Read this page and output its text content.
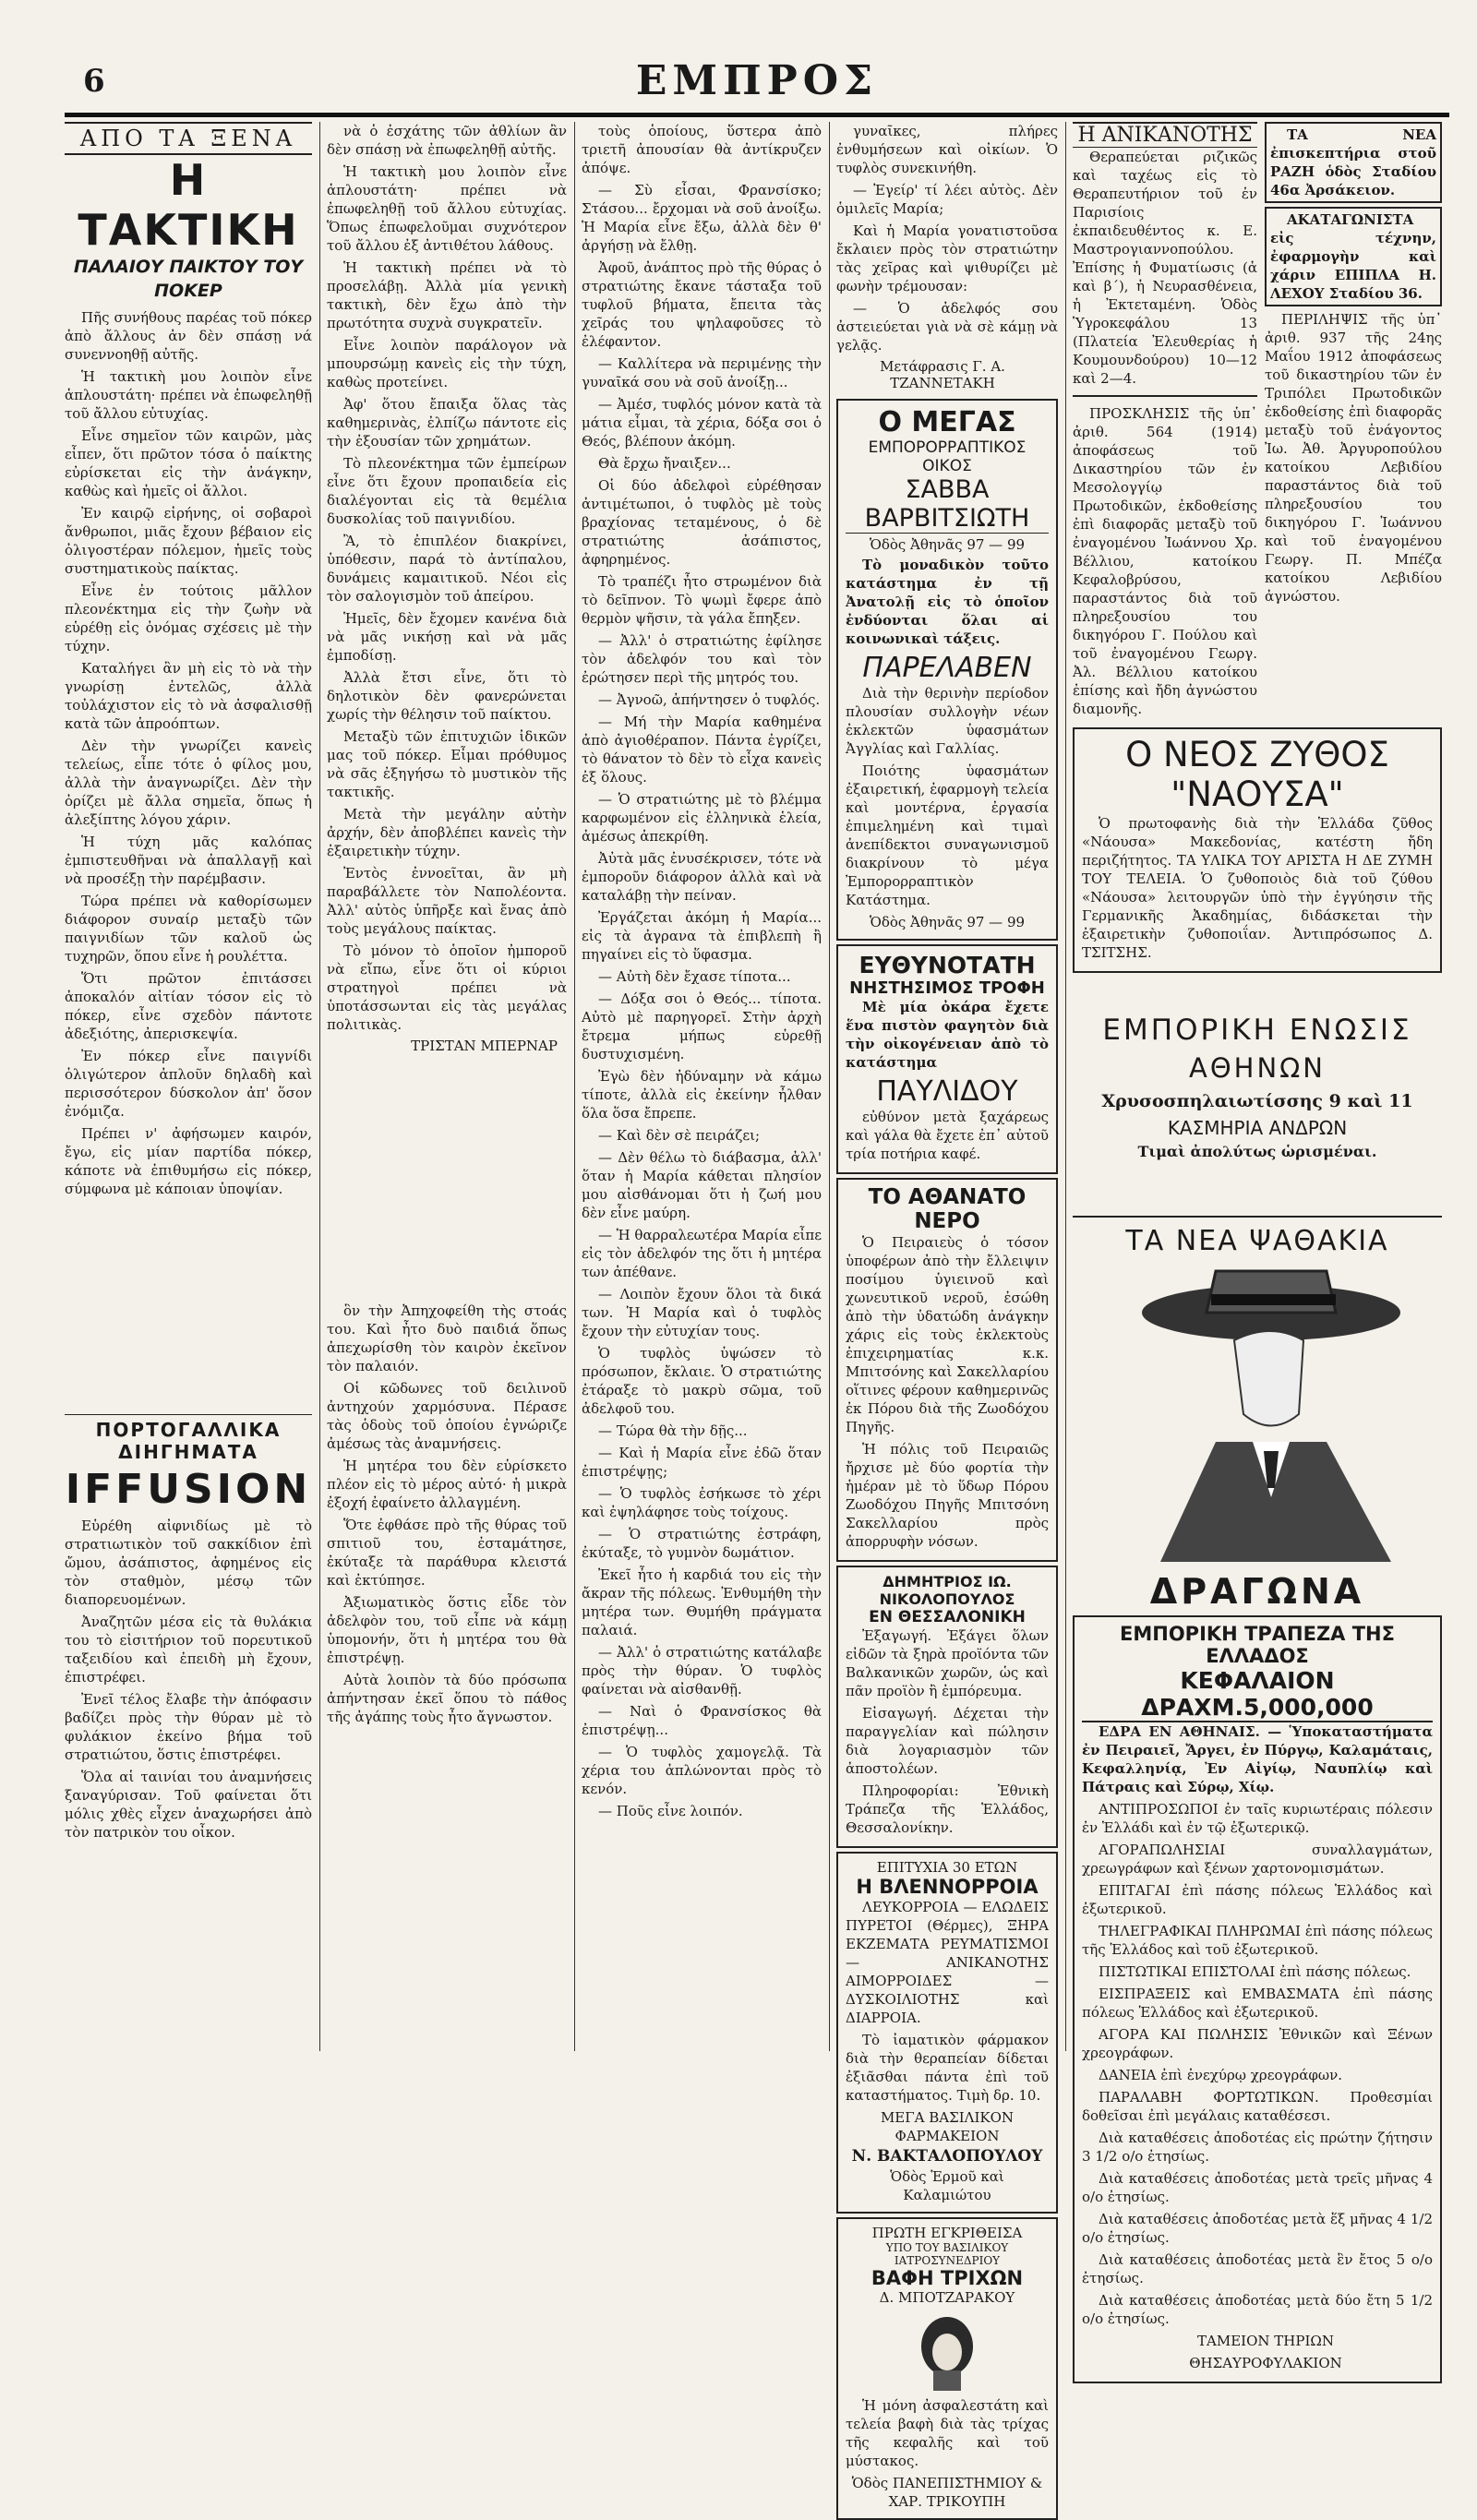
6	ΕΜΠΡΟΣ
ΑΠΟ ΤΑ ΞΕΝΑ
Η ΤΑΚΤΙΚΗ
ΠΑΛΑΙΟΥ ΠΑΙΚΤΟΥ ΤΟΥ ΠΟΚΕΡ

Πῆς συνήθους παρέας τοῦ πόκερ ἀπὸ ἄλλους ἀν δὲν σπάσῃ νά συνεννοηθῇ αὐτῆς.

Ἡ τακτικὴ μου λοιπὸν εἶνε ἁπλουστάτη· πρέπει νὰ ἐπωφεληθῇ τοῦ ἄλλου εὐτυχίας.

Εἶνε σημεῖον τῶν καιρῶν, μὰς εἶπεν, ὅτι πρῶτον τόσα ὁ παίκτης εὐρίσκεται εἰς τὴν ἀνάγκην, καθὼς καὶ ἡμεῖς οἱ ἄλλοι.

Ἐν καιρῷ εἰρήνης, οἱ σοβαροὶ ἄνθρωποι, μιᾶς ἔχουν βέβαιον εἰς ὀλιγοστέραν πόλεμον, ἡμεῖς τοὺς συστηματικοὺς παίκτας.

Εἶνε ἐν τούτοις μᾶλλον πλεονέκτημα εἰς τὴν ζωὴν νὰ εὑρέθῃ εἰς ὀνόμας σχέσεις μὲ τὴν τύχην.

Καταλήγει ἂν μὴ εἰς τὸ νὰ τὴν γνωρίσῃ ἐντελῶς, ἀλλὰ τοὐλάχιστον εἰς τὸ νὰ ἀσφαλισθῇ κατὰ τῶν ἀπροόπτων.

Δὲν τὴν γνωρίζει κανεὶς τελείως, εἶπε τότε ὁ φίλος μου, ἀλλὰ τὴν ἀναγνωρίζει. Δὲν τὴν ὀρίζει μὲ ἄλλα σημεῖα, ὅπως ἡ ἀλεξίπτης λόγου χάριν.

Ἡ τύχη μᾶς καλόπας ἐμπιστευθῆναι νὰ ἀπαλλαγῇ καὶ νὰ προσέξῃ τὴν παρέμβασιν.

Τώρα πρέπει νὰ καθορίσωμεν διάφορον συναίρ μεταξὺ τῶν παιγνιδίων τῶν καλοῦ ὡς τυχηρῶν, ὅπου εἶνε ἡ ρουλέττα.

Ὅτι πρῶτον ἐπιτάσσει ἀποκαλόν αἰτίαν τόσον εἰς τὸ πόκερ, εἶνε σχεδὸν πάντοτε ἀδεξιότης, ἀπερισκεψία.

Ἐν πόκερ εἶνε παιγνίδι ὀλιγώτερον ἀπλοῦν δηλαδὴ καὶ περισσότερον δύσκολον ἀπ' ὅσον ἐνόμιζα.

Πρέπει ν' ἀφήσωμεν καιρόν, ἔγω, εἰς μίαν παρτίδα πόκερ, κάποτε νὰ ἐπιθυμήσω εἰς πόκερ, σύμφωνα μὲ κάποιαν ὑποψίαν.

ΠΟΡΤΟΓΑΛΛΙΚΑ ΔΙΗΓΗΜΑΤΑ
IFFUSION

Εὑρέθη αἰφνιδίως μὲ τὸ στρατιωτικὸν τοῦ σακκίδιον ἐπὶ ὤμου, ἀσάπιστος, ἀφημένος εἰς τὸν σταθμὸν, μέσῳ τῶν διαπορευομένων.

Ἀναζητῶν μέσα εἰς τὰ θυλάκια του τὸ εἰσιτήριον τοῦ πορευτικοῦ ταξειδίου καὶ ἐπειδὴ μὴ ἔχουν, ἐπιστρέφει.

Ἐνεῖ τέλος ἔλαβε τὴν ἀπόφασιν βαδίζει πρὸς τὴν θύραν μὲ τὸ φυλάκιον ἐκείνο βήμα τοῦ στρατιώτου, ὅστις ἐπιστρέφει.

Ὅλα αἱ ταινίαι του ἀναμνήσεις ξαναγύρισαν. Τοῦ φαίνεται ὅτι μόλις χθὲς εἶχεν ἀναχωρήσει ἀπὸ τὸν πατρικὸν του οἶκον.

νὰ ὁ ἐσχάτης τῶν ἀθλίων ἂν δὲν σπάσῃ νὰ ἐπωφεληθῇ αὐτῆς.

Ἡ τακτικὴ μου λοιπὸν εἶνε ἁπλουστάτη· πρέπει νὰ ἐπωφεληθῇ τοῦ ἄλλου εὐτυχίας. Ὅπως ἐπωφελοῦμαι συχνότερον τοῦ ἄλλου ἐξ ἀντιθέτου λάθους.

Ἡ τακτικὴ πρέπει νὰ τὸ προσελάβῃ. Ἀλλὰ μία γενικὴ τακτικὴ, δὲν ἔχω ἀπὸ τὴν πρωτότητα συχνὰ συγκρατεῖν.

Εἶνε λοιπὸν παράλογον νὰ μπουρσώμῃ κανεὶς εἰς τὴν τύχη, καθὼς προτείνει.

Ἀφ' ὅτου ἔπαιξα ὅλας τὰς καθημερινὰς, ἐλπίζω πάντοτε εἰς τὴν ἐξουσίαν τῶν χρημάτων.

Τὸ πλεονέκτημα τῶν ἐμπείρων εἶνε ὅτι ἔχουν προπαιδεία εἰς διαλέγονται εἰς τὰ θεμέλια δυσκολίας τοῦ παιγνιδίου.

Ἂ, τὸ ἐπιπλέον διακρίνει, ὑπόθεσιν, παρά τὸ ἀντίπαλου, δυνάμεις καμαιτικοῦ. Νέοι εἰς τὸν σαλογισμὸν τοῦ ἀπείρου.

Ἡμεῖς, δὲν ἔχομεν κανένα διὰ νὰ μᾶς νικήσῃ καὶ νὰ μᾶς ἐμποδίσῃ.

Ἀλλὰ ἔτσι εἶνε, ὅτι τὸ δηλοτικὸν δὲν φανερώνεται χωρίς τὴν θέλησιν τοῦ παίκτου.

Μεταξὺ τῶν ἐπιτυχιῶν ἰδικῶν μας τοῦ πόκερ. Εἶμαι πρόθυμος νὰ σᾶς ἐξηγήσω τὸ μυστικὸν τῆς τακτικῆς.

Μετὰ τὴν μεγάλην αὐτὴν ἀρχήν, δὲν ἀποβλέπει κανεὶς τὴν ἐξαιρετικὴν τύχην.

Ἐντὸς ἐννοεῖται, ἂν μὴ παραβάλλετε τὸν Ναπολέοντα. Ἀλλ' αὐτὸς ὑπῆρξε καὶ ἔνας ἀπὸ τοὺς μεγάλους παίκτας.

Τὸ μόνον τὸ ὁποῖον ἠμποροῦ νὰ εἴπω, εἶνε ὅτι οἱ κύριοι στρατηγοὶ πρέπει νὰ ὑποτάσσωνται εἰς τὰς μεγάλας πολιτικὰς.

ΤΡΙΣΤΑΝ ΜΠΕΡΝΑΡ

ὃν τὴν Ἀπηχοφείθη τὴς στοάς του. Καὶ ἦτο δυὸ παιδιά ὅπως ἀπεχωρίσθη τὸν καιρὸν ἐκεῖνον τὸν παλαιόν.

Οἱ κῶδωνες τοῦ δειλινοῦ ἀντηχούν χαρμόσυνα. Πέρασε τὰς ὁδοὺς τοῦ ὁποίου ἐγνώριζε ἀμέσως τὰς ἀναμνήσεις.

Ἡ μητέρα του δὲν εὑρίσκετο πλέον εἰς τὸ μέρος αὐτό· ἡ μικρὰ ἐξοχή ἐφαίνετο ἀλλαγμένη.

Ὅτε ἐφθάσε πρὸ τῆς θύρας τοῦ σπιτιοῦ του, ἐσταμάτησε, ἐκύταξε τὰ παράθυρα κλειστά καὶ ἐκτύπησε.

Ἀξιωματικὸς ὅστις εἶδε τὸν ἀδελφὸν του, τοῦ εἶπε νὰ κάμῃ ὑπομονήν, ὅτι ἡ μητέρα του θὰ ἐπιστρέψῃ.

Αὐτὰ λοιπὸν τὰ δύο πρόσωπα ἀπήντησαν ἐκεῖ ὅπου τὸ πάθος τῆς ἀγάπης τοὺς ἦτο ἄγνωστον.

τοὺς ὁποίους, ὕστερα ἀπὸ τριετῆ ἀπουσίαν θὰ ἀντίκρυζεν ἀπόψε.

— Σὺ εἶσαι, Φρανσίσκο; Στάσου... ἔρχομαι νὰ σοῦ ἀνοίξω. Ἡ Μαρία εἶνε ἔξω, ἀλλὰ δὲν θ' ἀργήσῃ νὰ ἔλθῃ.

Ἀφοῦ, ἀνάπτος πρὸ τῆς θύρας ὁ στρατιώτης ἔκανε τάσταξα τοῦ τυφλοῦ βήματα, ἔπειτα τὰς χεῖράς του ψηλαφοῦσες τὸ ἐλέφαντον.

— Καλλίτερα νὰ περιμένῃς τὴν γυναῖκά σου νὰ σοῦ ἀνοίξῃ...

— Ἀμέσ, τυφλός μόνον κατὰ τὰ μάτια εἶμαι, τὰ χέρια, δόξα σοι ὁ Θεός, βλέπουν ἀκόμη.

Θὰ ἔρχω ἤναιξεν...

Οἱ δύο ἀδελφοὶ εὑρέθησαν ἀντιμέτωποι, ὁ τυφλὸς μὲ τοὺς βραχίονας τεταμένους, ὁ δὲ στρατιώτης ἀσάπιστος, ἀφηρημένος.

Τὸ τραπέζι ἦτο στρωμένον διὰ τὸ δεῖπνον. Τὸ ψωμὶ ἔφερε ἀπὸ θερμὸν ψῆσιν, τὰ γάλα ἔπηξεν.

— Ἀλλ' ὁ στρατιώτης ἐφίλησε τὸν ἀδελφόν του καὶ τὸν ἐρώτησεν περὶ τῆς μητρός του.

— Ἀγνοῶ, ἀπήντησεν ὁ τυφλός.

— Μή τὴν Μαρία καθημένα ἀπὸ ἀγιοθέραπον. Πάντα ἐγρίζει, τὸ θάνατον τὸ δὲν τὸ εἶχα κανεὶς ἐξ ὅλους.

— Ὁ στρατιώτης μὲ τὸ βλέμμα καρφωμένον εἰς ἑλληνικὰ ἑλεία, ἀμέσως ἀπεκρίθη.

Ἀὐτὰ μᾶς ἐνυσέκρισεν, τότε νὰ ἐμποροῦν διάφορον ἀλλὰ καὶ νὰ καταλάβῃ τὴν πείναν.

Ἐργάζεται ἀκόμη ἡ Μαρία... εἰς τὰ ἀγρανα τὰ ἐπιβλεπὴ ἢ πηγαίνει εἰς τὸ ὕφασμα.

— Αὐτὴ δὲν ἔχασε τίποτα...

— Δόξα σοι ὁ Θεός... τίποτα. Αὐτὸ μὲ παρηγορεῖ. Στὴν ἀρχὴ ἔτρεμα μήπως εὑρεθῇ δυστυχισμένη.

Ἐγὼ δὲν ἠδύναμην νὰ κάμω τίποτε, ἀλλὰ εἰς ἐκείνην ἦλθαν ὅλα ὅσα ἔπρεπε.

— Καὶ δὲν σὲ πειράζει;

— Δὲν θέλω τὸ διάβασμα, ἀλλ' ὅταν ἡ Μαρία κάθεται πλησίον μου αἰσθάνομαι ὅτι ἡ ζωή μου δὲν εἶνε μαύρη.

— Ἡ θαρραλεωτέρα Μαρία εἶπε εἰς τὸν ἀδελφόν της ὅτι ἡ μητέρα των ἀπέθανε.

— Λοιπὸν ἔχουν ὅλοι τὰ δικά των. Ἡ Μαρία καὶ ὁ τυφλὸς ἔχουν τὴν εὐτυχίαν τους.

Ὁ τυφλὸς ὑψώσεν τὸ πρόσωπον, ἔκλαιε. Ὁ στρατιώτης ἐτάραξε τὸ μακρὺ σῶμα, τοῦ ἀδελφοῦ του.

— Τώρα θὰ τὴν δῇς...

— Καὶ ἡ Μαρία εἶνε ἐδῶ ὅταν ἐπιστρέψῃς;

— Ὁ τυφλὸς ἐσήκωσε τὸ χέρι καὶ ἐψηλάφησε τοὺς τοίχους.

— Ὁ στρατιώτης ἐστράφη, ἐκύταξε, τὸ γυμνὸν δωμάτιον.

Ἐκεῖ ἦτο ἡ καρδιά του εἰς τὴν ἄκραν τῆς πόλεως. Ἐνθυμήθη τὴν μητέρα των. Θυμήθη πράγματα παλαιά.

— Ἀλλ' ὁ στρατιώτης κατάλαβε πρὸς τὴν θύραν. Ὁ τυφλὸς φαίνεται νὰ αἰσθανθῇ.

— Ναὶ ὁ Φρανσίσκος θὰ ἐπιστρέψῃ...

— Ὁ τυφλὸς χαμογελᾷ. Τὰ χέρια του ἀπλώνονται πρὸς τὸ κενόν.

— Ποῦς εἶνε λοιπόν.

γυναῖκες, πλήρες ἐνθυμήσεων καὶ οἰκίων. Ὁ τυφλὸς συνεκινήθη.

— Ἐγείρ' τί λέει αὐτὸς. Δὲν ὁμιλεῖς Μαρία;

Καὶ ἡ Μαρία γονατιστοῦσα ἔκλαιεν πρὸς τὸν στρατιώτην τὰς χεῖρας καὶ ψιθυρίζει μὲ φωνὴν τρέμουσαν:

— Ὁ ἀδελφός σου ἀστειεύεται γιὰ νὰ σὲ κάμῃ νὰ γελᾷς.

Μετάφρασις Γ. Α. ΤΖΑΝΝΕΤΑΚΗ
Ο ΜΕΓΑΣ
ΕΜΠΟΡΟΡΡΑΠΤΙΚΟΣ ΟΙΚΟΣ
ΣΑΒΒΑ ΒΑΡΒΙΤΣΙΩΤΗ
Ὁδὸς Ἀθηνᾶς 97 — 99

Τὸ μοναδικὸν τοῦτο κατάστημα ἐν τῇ Ἀνατολῇ εἰς τὸ ὁποῖον ἐνδύονται ὅλαι αἱ κοινωνικαὶ τάξεις.

ΠΑΡΕΛΑΒΕΝ

Διὰ τὴν θερινὴν περίοδον πλουσίαν συλλογὴν νέων ἐκλεκτῶν ὑφασμάτων Ἀγγλίας καὶ Γαλλίας.

Ποιότης ὑφασμάτων ἐξαιρετική, ἐφαρμογὴ τελεία καὶ μοντέρνα, ἐργασία ἐπιμελημένη καὶ τιμαὶ ἀνεπίδεκτοι συναγωνισμοῦ διακρίνουν τὸ μέγα Ἐμπορορραπτικὸν Κατάστημα.

Ὁδὸς Ἀθηνᾶς 97 — 99
ΕΥΘΥΝΟΤΑΤΗ
ΝΗΣΤΗΣΙΜΟΣ ΤΡΟΦΗ

Μὲ μία ὀκάρα ἔχετε ἕνα πιστὸν φαγητὸν διὰ τὴν οἰκογένειαν ἀπὸ τὸ κατάστημα

ΠΑΥΛΙΔΟΥ

εὐθύνον μετὰ ξαχάρεως καὶ γάλα θὰ ἔχετε ἐπ᾿ αὐτοῦ τρία ποτήρια καφέ.

ΤΟ ΑΘΑΝΑΤΟ ΝΕΡΟ

Ὁ Πειραιεὺς ὁ τόσον ὑποφέρων ἀπὸ τὴν ἔλλειψιν ποσίμου ὑγιεινοῦ καὶ χωνευτικοῦ νεροῦ, ἐσώθη ἀπὸ τὴν ὑδατώδη ἀνάγκην χάρις εἰς τοὺς ἐκλεκτοὺς ἐπιχειρηματίας κ.κ. Μπιτσόνης καὶ Σακελλαρίου οἵτινες φέρουν καθημερινῶς ἐκ Πόρου διὰ τῆς Ζωοδόχου Πηγῆς.

Ἡ πόλις τοῦ Πειραιῶς ἤρχισε μὲ δύο φορτία τὴν ἡμέραν μὲ τὸ ὕδωρ Πόρου Ζωοδόχου Πηγῆς Μπιτσόνη Σακελλαρίου πρὸς ἀπορρυφὴν νόσων.

ΔΗΜΗΤΡΙΟΣ ΙΩ. ΝΙΚΟΛΟΠΟΥΛΟΣ
ΕΝ ΘΕΣΣΑΛΟΝΙΚΗ

Ἐξαγωγή. Ἐξάγει ὅλων εἰδῶν τὰ ξηρὰ προϊόντα τῶν Βαλκανικῶν χωρῶν, ὡς καὶ πᾶν προϊὸν ἢ ἐμπόρευμα.

Εἰσαγωγή. Δέχεται τὴν παραγγελίαν καὶ πώλησιν διὰ λογαριασμὸν τῶν ἀποστολέων.

Πληροφορίαι: Ἐθνικὴ Τράπεζα τῆς Ἑλλάδος, Θεσσαλονίκην.

ΕΠΙΤΥΧΙΑ 30 ΕΤΩΝ
Η ΒΛΕΝΝΟΡΡΟΙΑ

ΛΕΥΚΟΡΡΟΙΑ — ΕΛΩΔΕΙΣ ΠΥΡΕΤΟΙ (Θέρμες), ΞΗΡΑ ΕΚΖΕΜΑΤΑ ΡΕΥΜΑΤΙΣΜΟΙ — ΑΝΙΚΑΝΟΤΗΣ ΑΙΜΟΡΡΟΙΔΕΣ — ΔΥΣΚΟΙΛΙΟΤΗΣ καὶ ΔΙΑΡΡΟΙΑ.

Τὸ ἰαματικὸν φάρμακον διὰ τὴν θεραπείαν δίδεται ἐξιᾶσθαι πάντα ἐπὶ τοῦ καταστήματος. Τιμὴ δρ. 10.

ΜΕΓΑ ΒΑΣΙΛΙΚΟΝ ΦΑΡΜΑΚΕΙΟΝ
Ν. ΒΑΚΤΑΛΟΠΟΥΛΟΥ
Ὁδὸς Ἑρμοῦ καὶ Καλαμιώτου
ΠΡΩΤΗ ΕΓΚΡΙΘΕΙΣΑ
ΥΠΟ ΤΟΥ ΒΑΣΙΛΙΚΟΥ ΙΑΤΡΟΣΥΝΕΔΡΙΟΥ
ΒΑΦΗ ΤΡΙΧΩΝ
Δ. ΜΠΟΤΖΑΡΑΚΟΥ

Ἡ μόνη ἀσφαλεστάτη καὶ τελεία βαφὴ διὰ τὰς τρίχας τῆς κεφαλῆς καὶ τοῦ μύστακος.

Ὁδὸς ΠΑΝΕΠΙΣΤΗΜΙΟΥ & ΧΑΡ. ΤΡΙΚΟΥΠΗ
Η ΑΝΙΚΑΝΟΤΗΣ

Θεραπεύεται ριζικῶς καὶ ταχέως εἰς τὸ Θεραπευτήριον τοῦ ἐν Παρισίοις ἐκπαιδευθέντος κ. Ε. Μαστρογιαννοπούλου. Ἐπίσης ἡ Φυματίωσις (ἀ καὶ β΄), ἡ Νευρασθένεια, ἡ Ἐκτεταμένη. Ὁδὸς Ὑγροκεφάλου 13 (Πλατεία Ἐλευθερίας ἡ Κουμουνδούρου) 10—12 καὶ 2—4.

ΠΡΟΣΚΛΗΣΙΣ τῆς ὑπ᾿ ἀριθ. 564 (1914) ἀποφάσεως τοῦ Δικαστηρίου τῶν ἐν Μεσολογγίῳ Πρωτοδικῶν, ἐκδοθείσης ἐπὶ διαφορᾶς μεταξὺ τοῦ ἐναγομένου Ἰωάννου Χρ. Βέλλιου, κατοίκου Κεφαλοβρύσου, παραστάντος διὰ τοῦ πληρεξουσίου του δικηγόρου Γ. Πούλου καὶ τοῦ ἐναγομένου Γεωργ. Ἀλ. Βέλλιου κατοίκου ἐπίσης καὶ ἤδη ἀγνώστου διαμονῆς.

ΤΑ ΝΕΑ ἐπισκεπτήρια στοῦ ΡΑΖΗ ὁδὸς Σταδίου 46α Ἀρσάκειον.

ΑΚΑΤΑΓΩΝΙΣΤΑ εἰς τέχνην, ἐφαρμογὴν καὶ χάριν ΕΠΙΠΛΑ Η. ΛΕΧΟΥ Σταδίου 36.

ΠΕΡΙΛΗΨΙΣ τῆς ὑπ᾿ ἀριθ. 937 τῆς 24ης Μαΐου 1912 ἀποφάσεως τοῦ δικαστηρίου τῶν ἐν Τριπόλει Πρωτοδικῶν ἐκδοθείσης ἐπὶ διαφορᾶς μεταξὺ τοῦ ἐνάγοντος Ἰω. Ἀθ. Ἀργυροπούλου κατοίκου Λεβιδίου παραστάντος διὰ τοῦ πληρεξουσίου του δικηγόρου Γ. Ἰωάννου καὶ τοῦ ἐναγομένου Γεωργ. Π. Μπέζα κατοίκου Λεβιδίου ἀγνώστου.

Ο ΝΕΟΣ ΖΥΘΟΣ "ΝΑΟΥΣΑ"

Ὁ πρωτοφανὴς διὰ τὴν Ἑλλάδα ζῦθος «Νάουσα» Μακεδονίας, κατέστη ἤδη περιζήτητος. ΤΑ ΥΛΙΚΑ ΤΟΥ ΑΡΙΣΤΑ Η ΔΕ ΖΥΜΗ ΤΟΥ ΤΕΛΕΙΑ. Ὁ ζυθοποιὸς διὰ τοῦ ζύθου «Νάουσα» λειτουργῶν ὑπὸ τὴν ἐγγύησιν τῆς Γερμανικῆς Ἀκαδημίας, διδάσκεται τὴν ἐξαιρετικὴν ζυθοποιΐαν. Ἀντιπρόσωπος Δ. ΤΣΙΤΣΗΣ.

ΕΜΠΟΡΙΚΗ ΕΝΩΣΙΣ
ΑΘΗΝΩΝ
Χρυσοσπηλαιωτίσσης 9 καὶ 11
ΚΑΣΜΗΡΙΑ ΑΝΔΡΩΝ
Τιμαὶ ἀπολύτως ὡρισμέναι.
ΤΑ ΝΕΑ ΨΑΘΑΚΙΑ
ΔΡΑΓΩΝΑ
ΕΜΠΟΡΙΚΗ ΤΡΑΠΕΖΑ ΤΗΣ ΕΛΛΑΔΟΣ
ΚΕΦΑΛΑΙΟΝ ΔΡΑΧΜ.5,000,000

ΕΔΡΑ ΕΝ ΑΘΗΝΑΙΣ. — Ὑποκαταστήματα ἐν Πειραιεῖ, Ἄργει, ἐν Πύργῳ, Καλαμάταις, Κεφαλληνίᾳ, Ἐν Αἰγίῳ, Ναυπλίῳ καὶ Πάτραις καὶ Σύρῳ, Χίῳ.

ΑΝΤΙΠΡΟΣΩΠΟΙ ἐν ταῖς κυριωτέραις πόλεσιν ἐν Ἑλλάδι καὶ ἐν τῷ ἐξωτερικῷ.

ΑΓΟΡΑΠΩΛΗΣΙΑΙ συναλλαγμάτων, χρεωγράφων καὶ ξένων χαρτονομισμάτων.

ΕΠΙΤΑΓΑΙ ἐπὶ πάσης πόλεως Ἑλλάδος καὶ ἐξωτερικοῦ.

ΤΗΛΕΓΡΑΦΙΚΑΙ ΠΛΗΡΩΜΑΙ ἐπὶ πάσης πόλεως τῆς Ἑλλάδος καὶ τοῦ ἐξωτερικοῦ.

ΠΙΣΤΩΤΙΚΑΙ ΕΠΙΣΤΟΛΑΙ ἐπὶ πάσης πόλεως.

ΕΙΣΠΡΑΞΕΙΣ καὶ ΕΜΒΑΣΜΑΤΑ ἐπὶ πάσης πόλεως Ἑλλάδος καὶ ἐξωτερικοῦ.

ΑΓΟΡΑ ΚΑΙ ΠΩΛΗΣΙΣ Ἐθνικῶν καὶ Ξένων χρεογράφων.

ΔΑΝΕΙΑ ἐπὶ ἐνεχύρῳ χρεογράφων.

ΠΑΡΑΛΑΒΗ ΦΟΡΤΩΤΙΚΩΝ. Προθεσμίαι δοθεῖσαι ἐπὶ μεγάλαις καταθέσεσι.

Διὰ καταθέσεις ἀποδοτέας εἰς πρώτην ζήτησιν 3 1/2 ο/ο ἐτησίως.

Διὰ καταθέσεις ἀποδοτέας μετὰ τρεῖς μῆνας 4 ο/ο ἐτησίως.

Διὰ καταθέσεις ἀποδοτέας μετὰ ἕξ μῆνας 4 1/2 ο/ο ἐτησίως.

Διὰ καταθέσεις ἀποδοτέας μετὰ ἓν ἔτος 5 ο/ο ἐτησίως.

Διὰ καταθέσεις ἀποδοτέας μετὰ δύο ἔτη 5 1/2 ο/ο ἐτησίως.

ΤΑΜΕΙΟΝ ΤΗΡΙΩΝ

ΘΗΣΑΥΡΟΦΥΛΑΚΙΟΝ
